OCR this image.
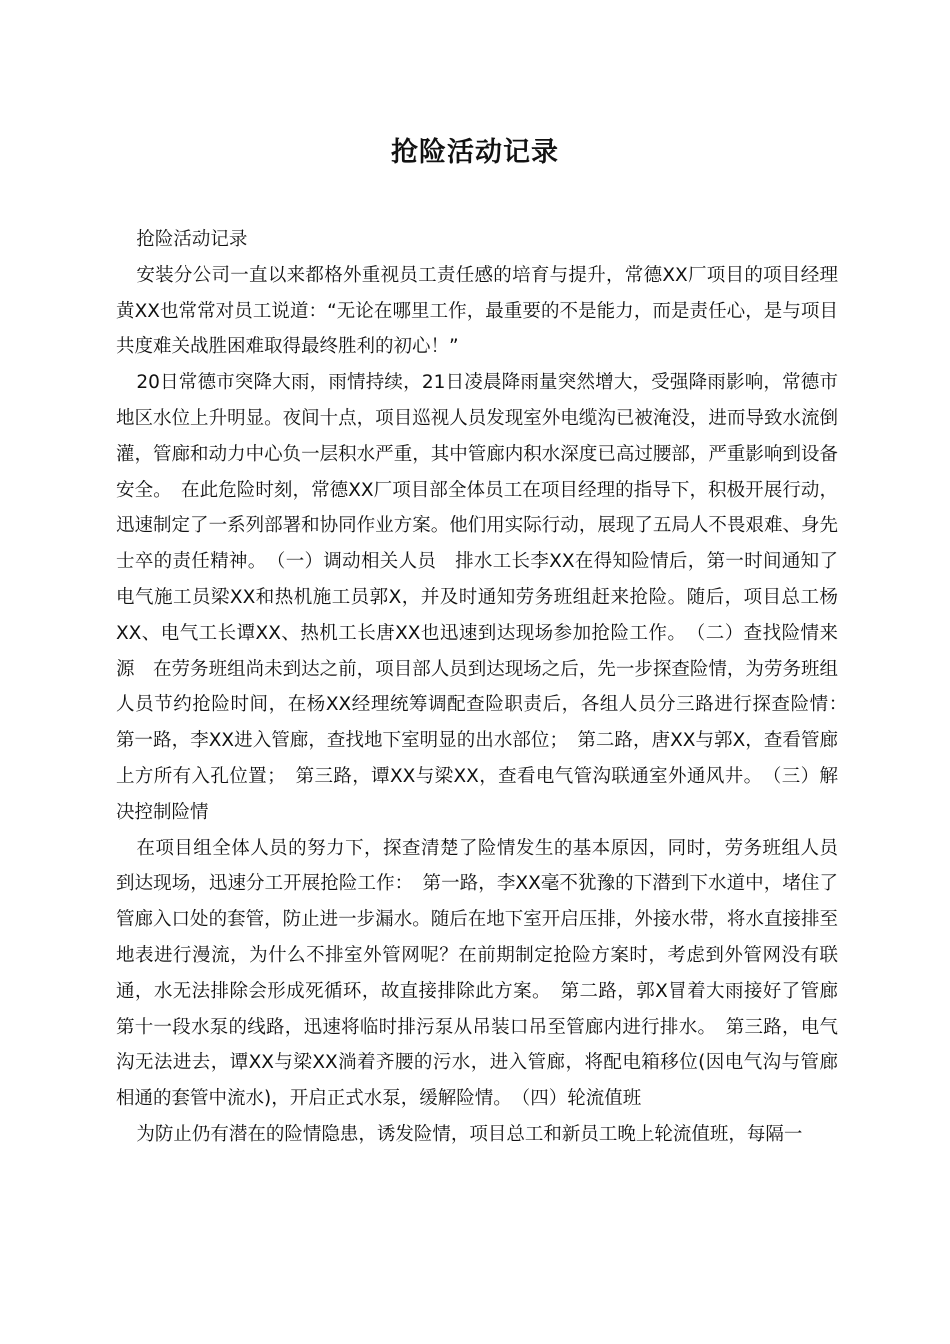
抢险活动记录

抢险活动记录

安装分公司一直以来都格外重视员工责任感的培育与提升，常德XX厂项目的项目经理黄XX也常常对员工说道：“无论在哪里工作，最重要的不是能力，而是责任心，是与项目共度难关战胜困难取得最终胜利的初心！”

20日常德市突降大雨，雨情持续，21日凌晨降雨量突然增大，受强降雨影响，常德市地区水位上升明显。夜间十点，项目巡视人员发现室外电缆沟已被淹没，进而导致水流倒灌，管廊和动力中心负一层积水严重，其中管廊内积水深度已高过腰部，严重影响到设备安全。　在此危险时刻，常德XX厂项目部全体员工在项目经理的指导下，积极开展行动，迅速制定了一系列部署和协同作业方案。他们用实际行动，展现了五局人不畏艰难、身先士卒的责任精神。　（一）调动相关人员　排水工长李XX在得知险情后，第一时间通知了电气施工员梁XX和热机施工员郭X，并及时通知劳务班组赶来抢险。随后，项目总工杨XX、电气工长谭XX、热机工长唐XX也迅速到达现场参加抢险工作。　（二）查找险情来源　在劳务班组尚未到达之前，项目部人员到达现场之后，先一步探查险情，为劳务班组人员节约抢险时间，在杨XX经理统筹调配查险职责后，各组人员分三路进行探查险情：　第一路，李XX进入管廊，查找地下室明显的出水部位；　第二路，唐XX与郭X，查看管廊上方所有入孔位置；　第三路，谭XX与梁XX，查看电气管沟联通室外通风井。　（三）解决控制险情

在项目组全体人员的努力下，探查清楚了险情发生的基本原因，同时，劳务班组人员到达现场，迅速分工开展抢险工作：　第一路，李XX毫不犹豫的下潜到下水道中，堵住了管廊入口处的套管，防止进一步漏水。随后在地下室开启压排，外接水带，将水直接排至地表进行漫流，为什么不排室外管网呢？在前期制定抢险方案时，考虑到外管网没有联通，水无法排除会形成死循环，故直接排除此方案。　第二路，郭X冒着大雨接好了管廊第十一段水泵的线路，迅速将临时排污泵从吊装口吊至管廊内进行排水。　第三路，电气沟无法进去，谭XX与梁XX淌着齐腰的污水，进入管廊，将配电箱移位(因电气沟与管廊相通的套管中流水)，开启正式水泵，缓解险情。　（四）轮流值班

为防止仍有潜在的险情隐患，诱发险情，项目总工和新员工晚上轮流值班，每隔一
